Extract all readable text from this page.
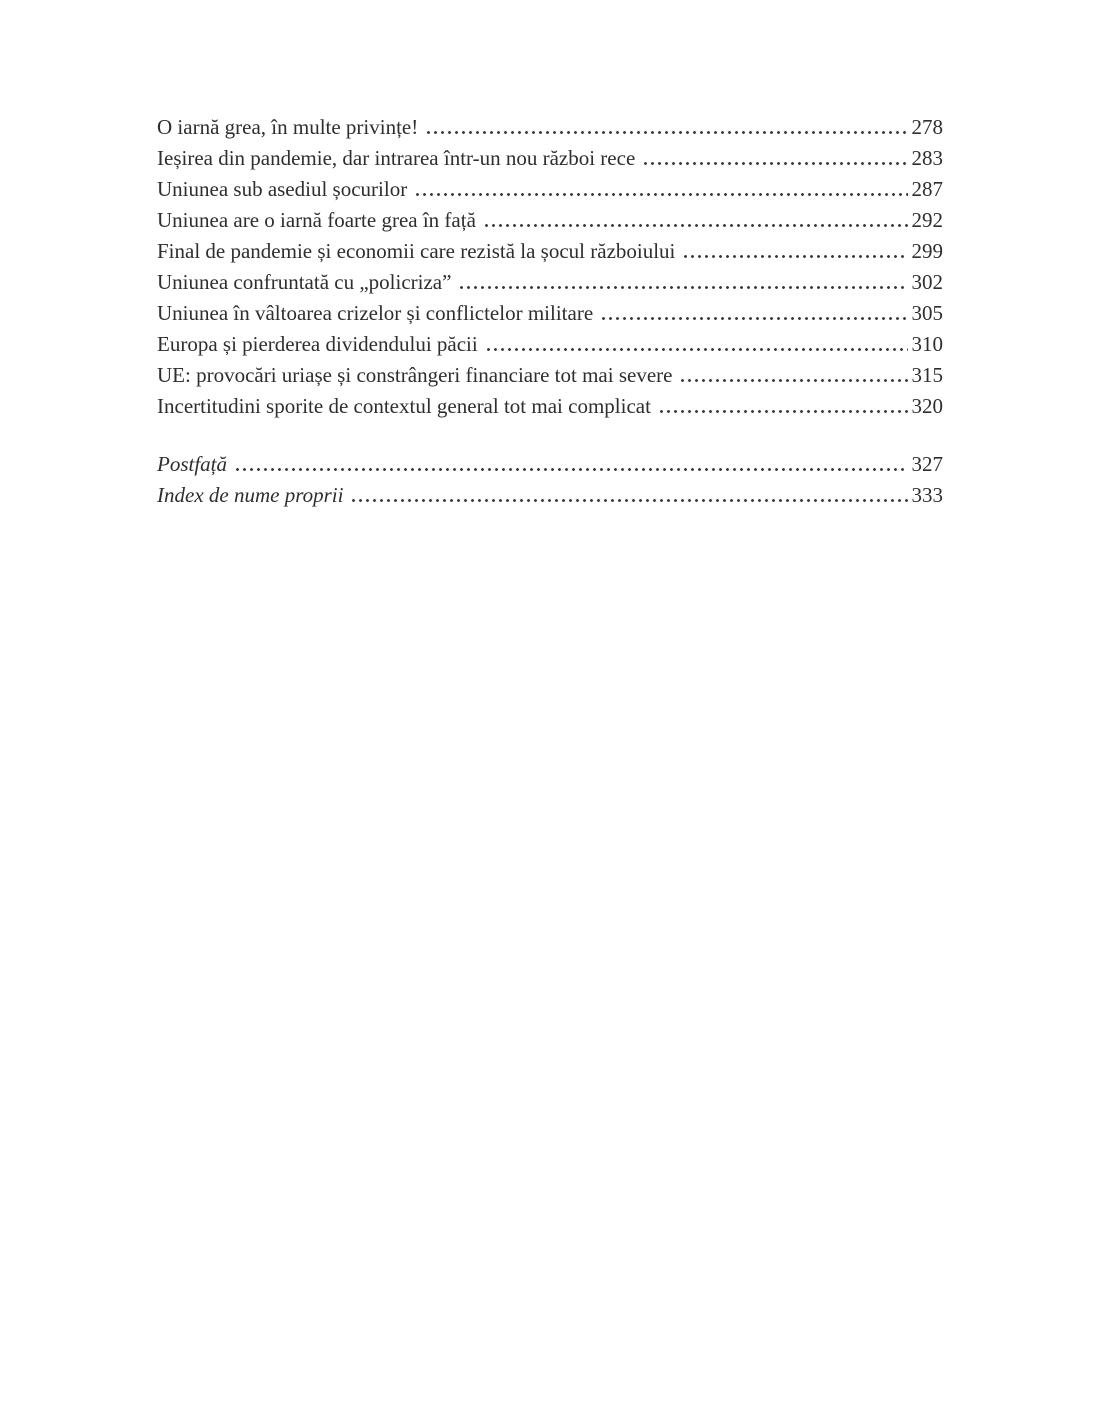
O iarnă grea, în multe privințe!	278
Ieșirea din pandemie, dar intrarea într-un nou război rece	283
Uniunea sub asediul șocurilor	287
Uniunea are o iarnă foarte grea în față	292
Final de pandemie și economii care rezistă la șocul războiului	299
Uniunea confruntată cu „policriza”	302
Uniunea în vâltoarea crizelor și conflictelor militare	305
Europa și pierderea dividendului păcii	310
UE: provocări uriașe și constrângeri financiare tot mai severe	315
Incertitudini sporite de contextul general tot mai complicat	320
Postfață	327
Index de nume proprii	333
